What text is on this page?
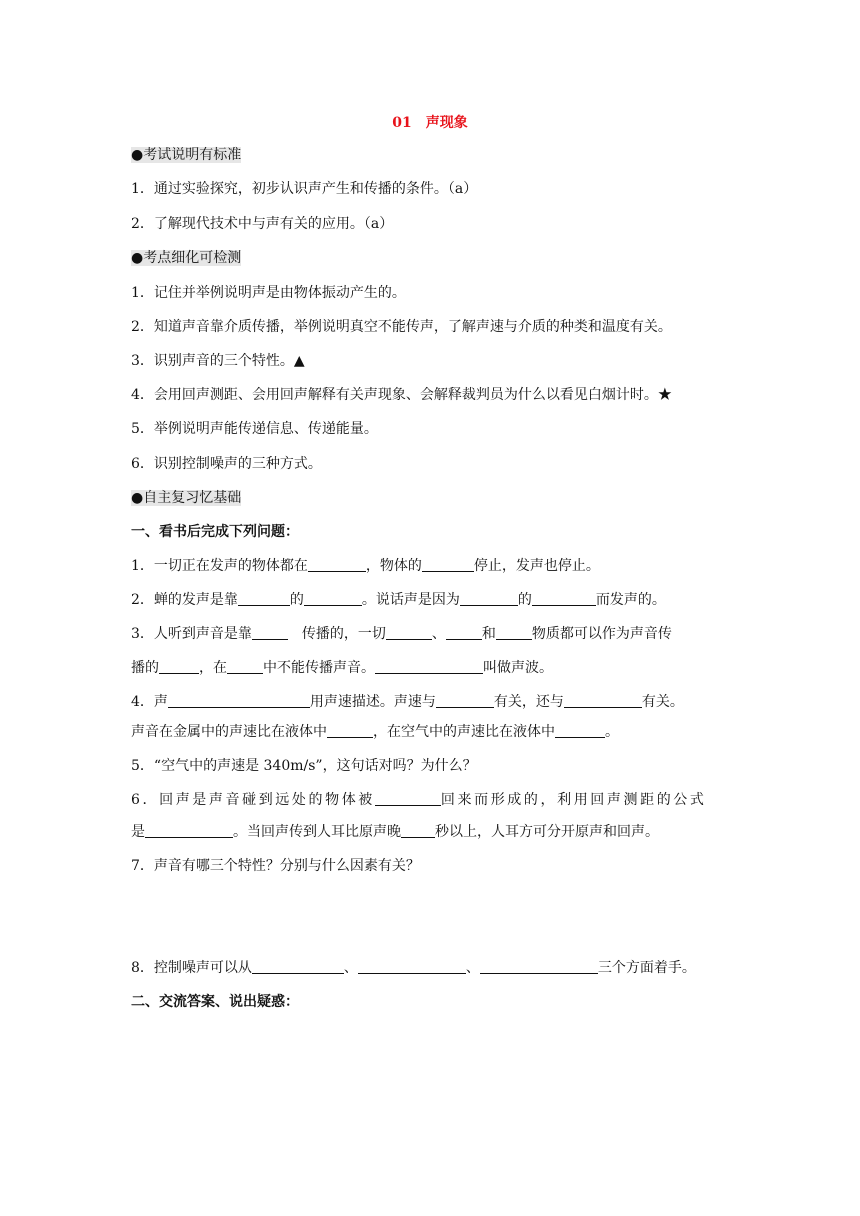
01　声现象
●考试说明有标准
1．通过实验探究，初步认识声产生和传播的条件。（a）
2．了解现代技术中与声有关的应用。（a）
●考点细化可检测
1．记住并举例说明声是由物体振动产生的。
2．知道声音靠介质传播，举例说明真空不能传声，了解声速与介质的种类和温度有关。
3．识别声音的三个特性。▲
4．会用回声测距、会用回声解释有关声现象、会解释裁判员为什么以看见白烟计时。★
5．举例说明声能传递信息、传递能量。
6．识别控制噪声的三种方式。
●自主复习忆基础
一、看书后完成下列问题：
1．一切正在发声的物体都在	，物体的	停止，发声也停止。
2．蝉的发声是靠	的	。说话声是因为	的	而发声的。
3．人听到声音是靠	　传播的，一切	、	和	物质都可以作为声音传
播的	，在	中不能传播声音。	叫做声波。
4．声	用声速描述。声速与	有关，还与	有关。
声音在金属中的声速比在液体中	，在空气中的声速比在液体中	。
5．“空气中的声速是 340m/s”，这句话对吗？为什么？
6．回声是声音碰到远处的物体被	回来而形成的，利用回声测距的公式
是	。当回声传到人耳比原声晚 秒以上，人耳方可分开原声和回声。
7．声音有哪三个特性？分别与什么因素有关？
8．控制噪声可以从	、	、	三个方面着手。
二、交流答案、说出疑惑：
